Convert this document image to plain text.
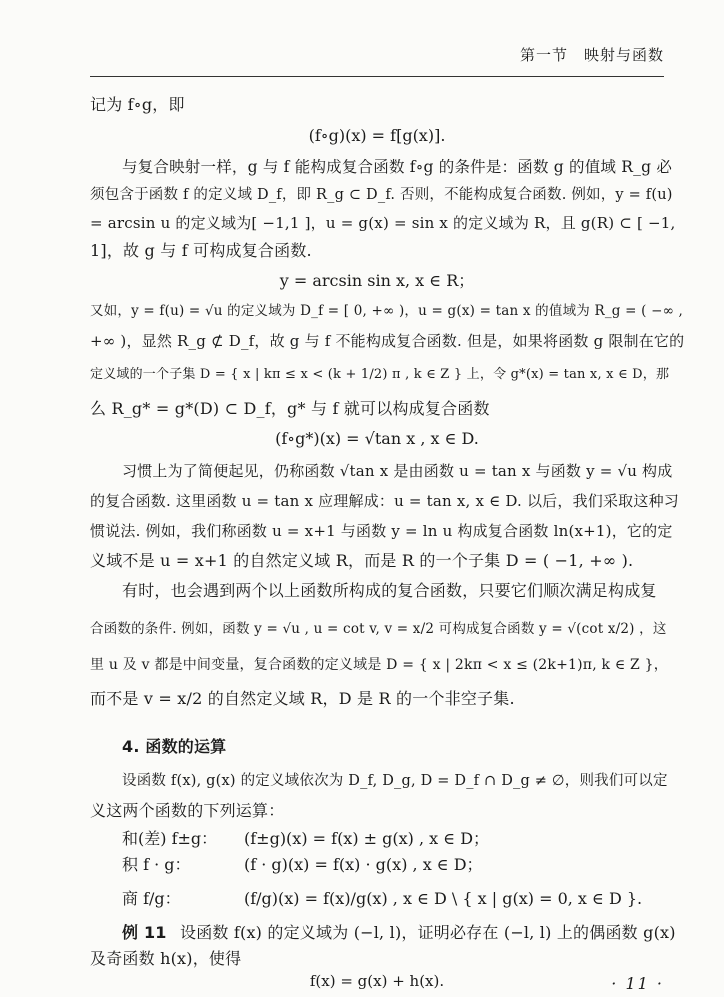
第一节　映射与函数
记为 f∘g，即
(f∘g)(x) = f[g(x)].
与复合映射一样，g 与 f 能构成复合函数 f∘g 的条件是：函数 g 的值域 R_g 必
须包含于函数 f 的定义域 D_f，即 R_g ⊂ D_f. 否则，不能构成复合函数. 例如，y = f(u)
= arcsin u 的定义域为[ −1,1 ]，u = g(x) = sin x 的定义域为 R，且 g(R) ⊂ [ −1,
1]，故 g 与 f 可构成复合函数.
y = arcsin sin x, x ∈ R；
又如，y = f(u) = √u 的定义域为 D_f = [ 0, +∞ )，u = g(x) = tan x 的值域为 R_g = ( −∞ ,
+∞ )，显然 R_g ⊄ D_f，故 g 与 f 不能构成复合函数. 但是，如果将函数 g 限制在它的
定义域的一个子集 D = { x | kπ ≤ x < (k + 1/2) π , k ∈ Z } 上，令 g*(x) = tan x, x ∈ D，那
么 R_g* = g*(D) ⊂ D_f，g* 与 f 就可以构成复合函数
(f∘g*)(x) = √tan x , x ∈ D.
习惯上为了简便起见，仍称函数 √tan x 是由函数 u = tan x 与函数 y = √u 构成
的复合函数. 这里函数 u = tan x 应理解成：u = tan x, x ∈ D. 以后，我们采取这种习
惯说法. 例如，我们称函数 u = x+1 与函数 y = ln u 构成复合函数 ln(x+1)，它的定
义域不是 u = x+1 的自然定义域 R，而是 R 的一个子集 D = ( −1, +∞ ).
有时，也会遇到两个以上函数所构成的复合函数，只要它们顺次满足构成复
合函数的条件. 例如，函数 y = √u , u = cot v, v = x/2 可构成复合函数 y = √(cot x/2) ，这
里 u 及 v 都是中间变量，复合函数的定义域是 D = { x | 2kπ < x ≤ (2k+1)π, k ∈ Z }，
而不是 v = x/2 的自然定义域 R，D 是 R 的一个非空子集.
4. 函数的运算
设函数 f(x), g(x) 的定义域依次为 D_f, D_g, D = D_f ∩ D_g ≠ ∅，则我们可以定
义这两个函数的下列运算：
和(差) f±g： (f±g)(x) = f(x) ± g(x) , x ∈ D；
积 f · g：	(f · g)(x) = f(x) · g(x) , x ∈ D；
商 f/g：	(f/g)(x) = f(x)/g(x) , x ∈ D \ { x | g(x) = 0, x ∈ D }.
例 11 设函数 f(x) 的定义域为 (−l, l)，证明必存在 (−l, l) 上的偶函数 g(x)
及奇函数 h(x)，使得
f(x) = g(x) + h(x).	· 11 ·
